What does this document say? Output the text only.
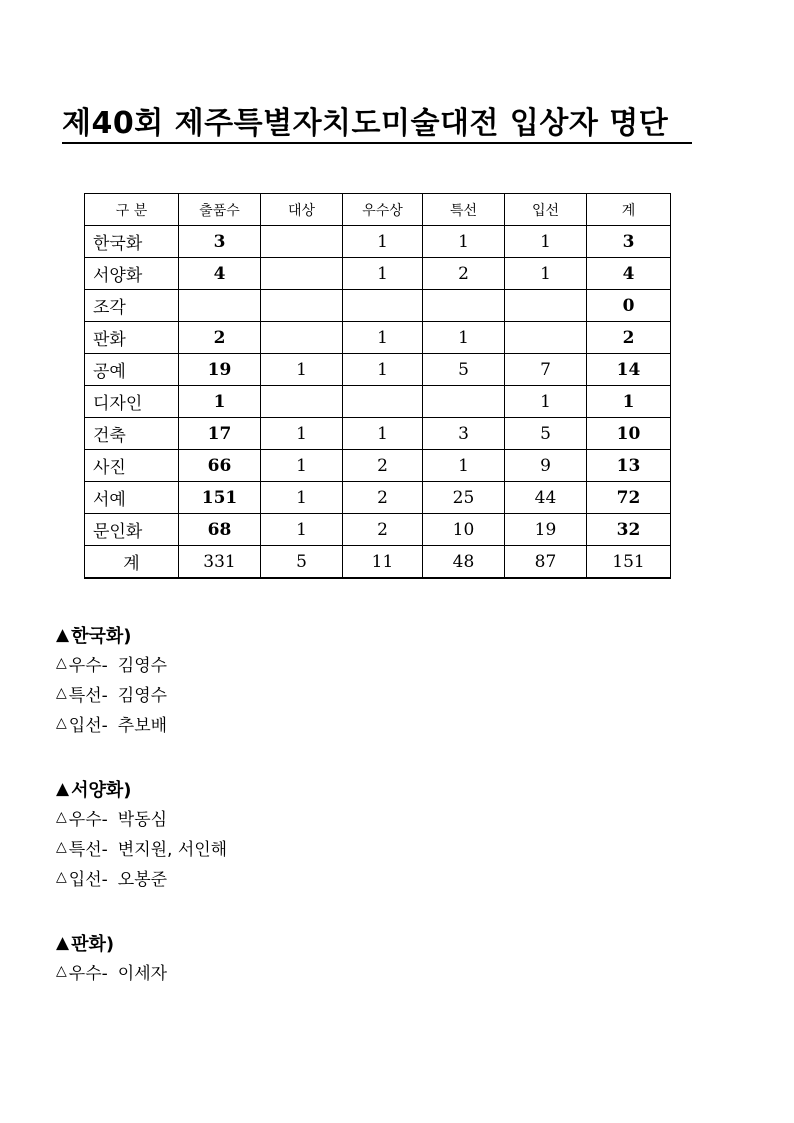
제40회 제주특별자치도미술대전 입상자 명단
구 분	출품수	대상	우수상	특선	입선	계
한국화	3		1	1	1	3
서양화	4		1	2	1	4
조각						0
판화	2		1	1		2
공예	19	1	1	5	7	14
디자인	1				1	1
건축	17	1	1	3	5	10
사진	66	1	2	1	9	13
서예	151	1	2	25	44	72
문인화	68	1	2	10	19	32
계	331	5	11	48	87	151
▲ 한국화)
△ 우수- 김영수
△ 특선- 김영수
△ 입선- 추보배
▲ 서양화)
△ 우수- 박동심
△ 특선- 변지원, 서인해
△ 입선- 오봉준
▲ 판화)
△ 우수- 이세자
